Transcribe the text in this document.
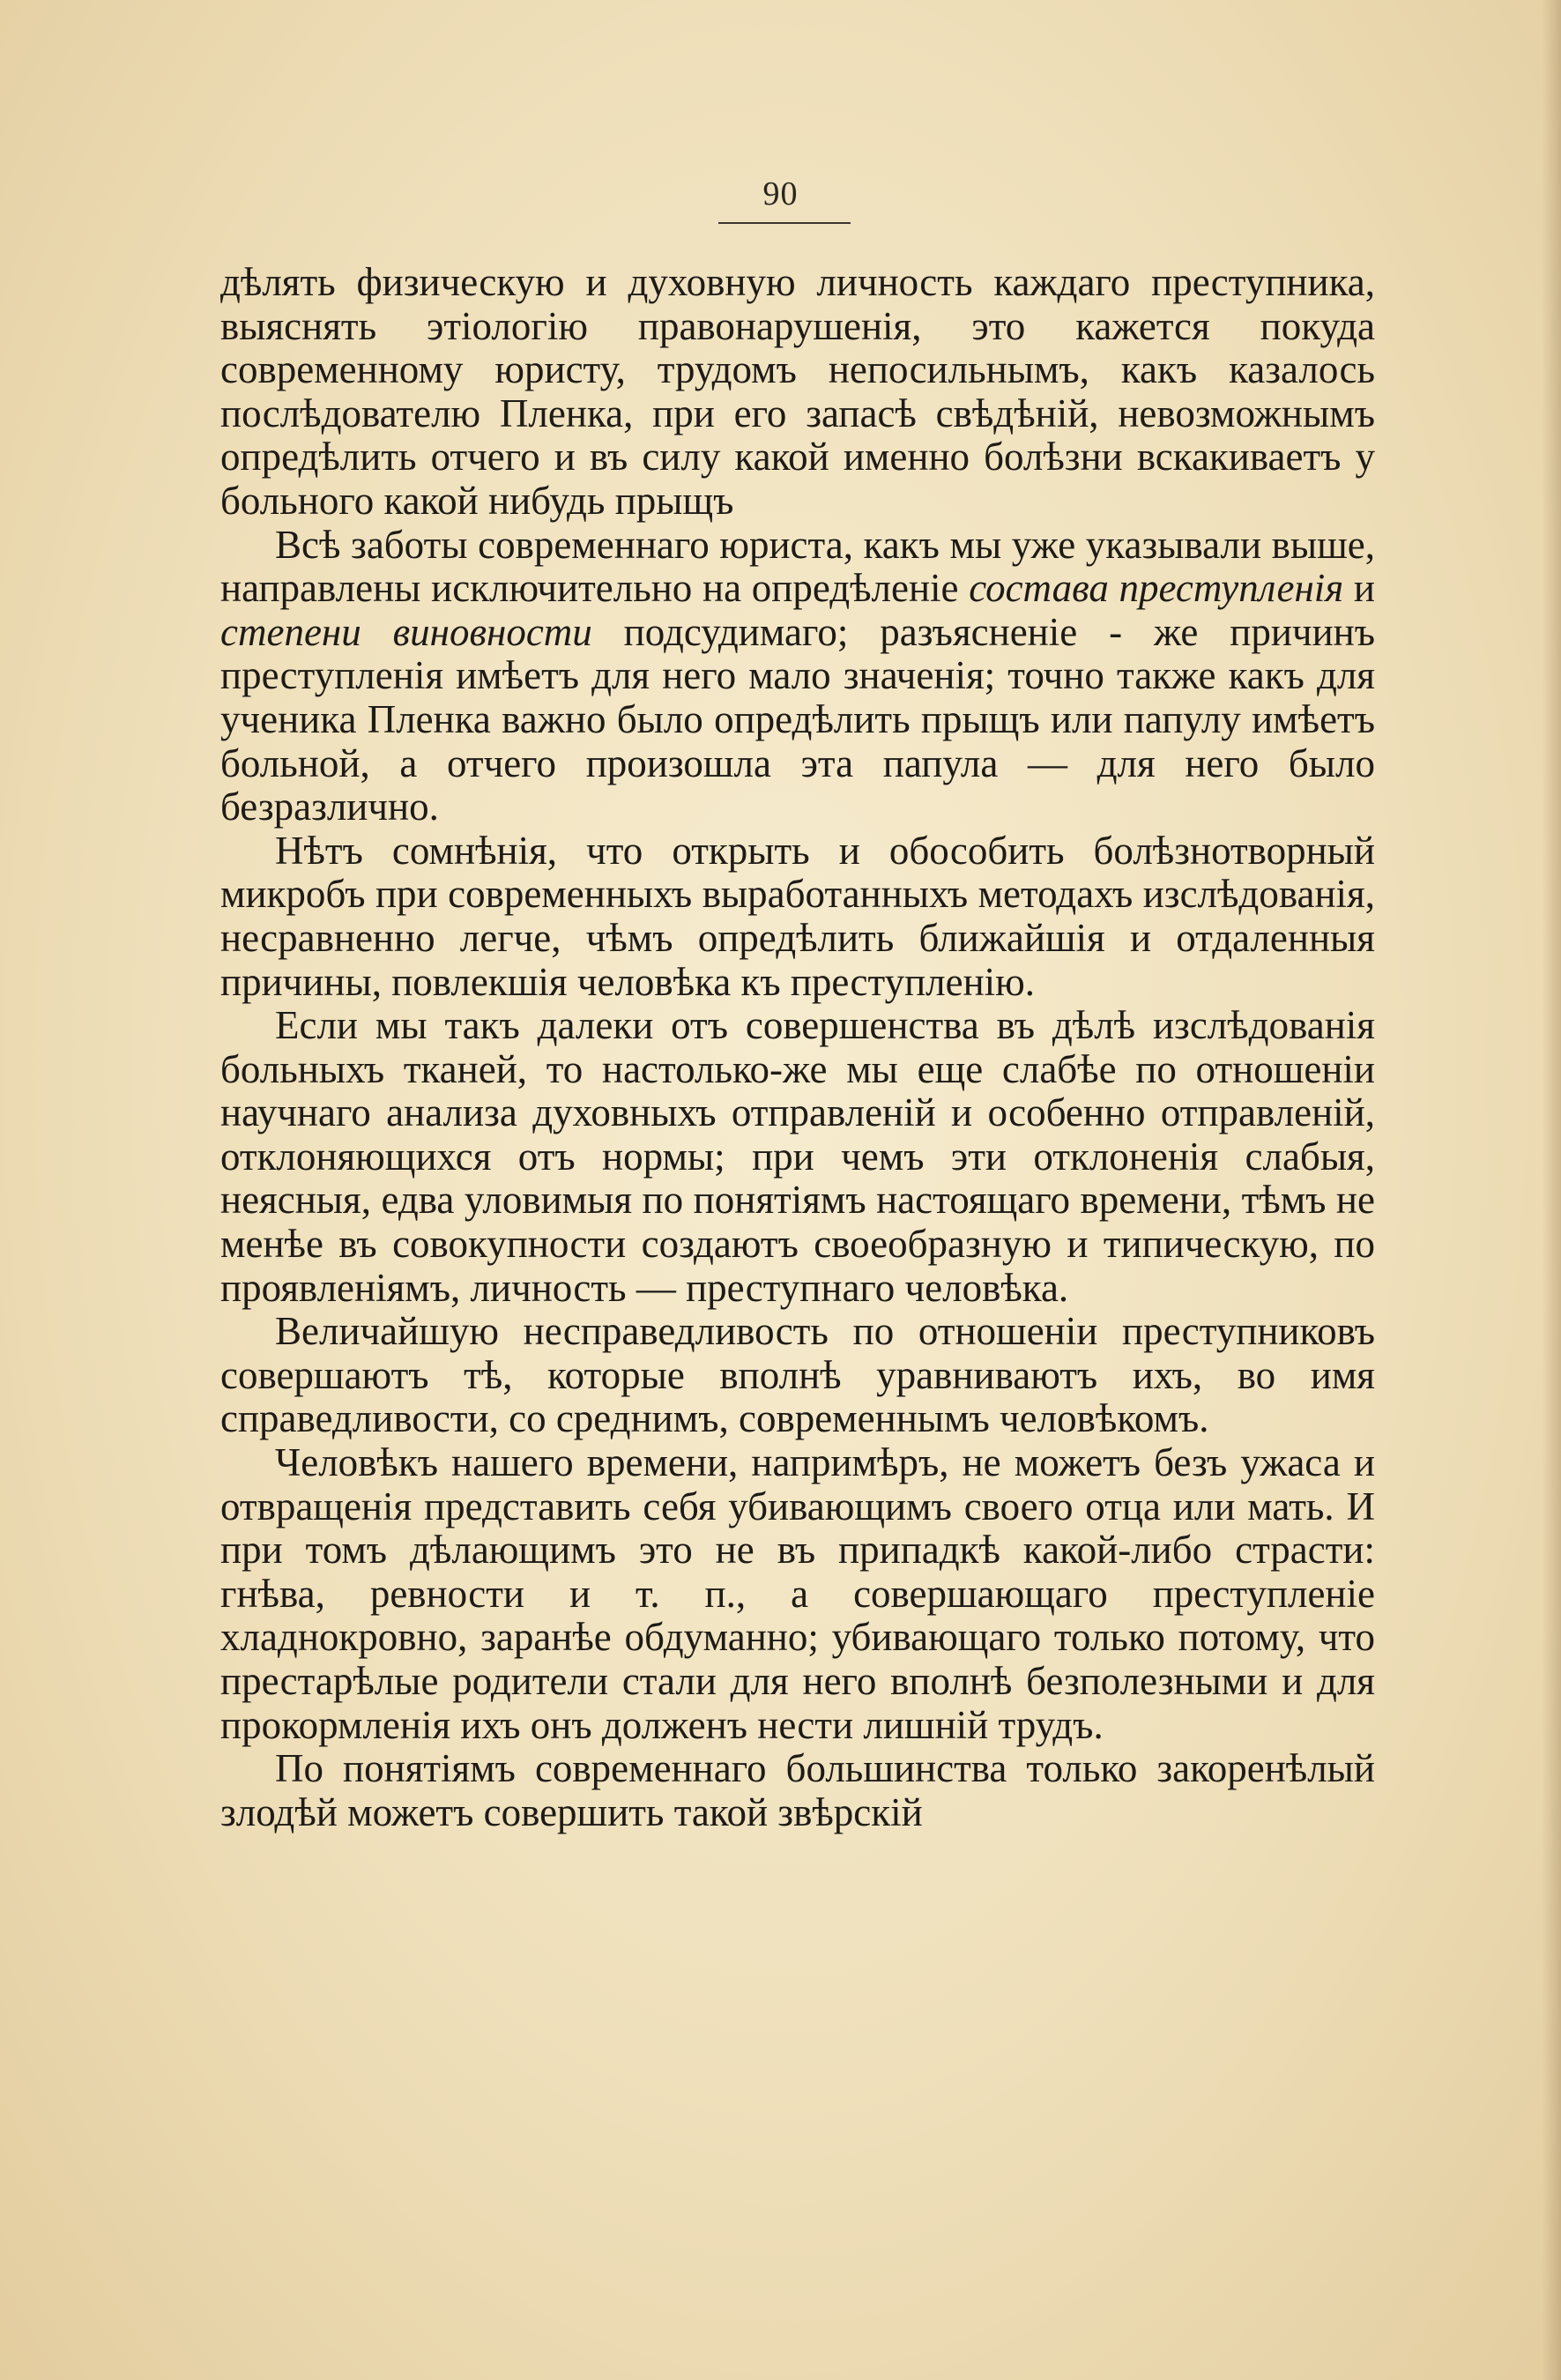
90

дѣлять физическую и духовную личность каждаго преступника, выяснять этіологію правонарушенія, это кажется покуда современному юристу, трудомъ непосильнымъ, какъ казалось послѣдователю Пленка, при его запасѣ свѣдѣній, невозможнымъ опредѣлить отчего и въ силу какой именно болѣзни вскакиваетъ у больного какой нибудь прыщъ

Всѣ заботы современнаго юриста, какъ мы уже указывали выше, направлены исключительно на опредѣленіе состава преступленія и степени виновности подсудимаго; разъясненіе - же причинъ преступленія имѣетъ для него мало значенія; точно также какъ для ученика Пленка важно было опредѣлить прыщъ или папулу имѣетъ больной, а отчего произошла эта папула — для него было безразлично.

Нѣтъ сомнѣнія, что открыть и обособить болѣзнотворный микробъ при современныхъ выработанныхъ методахъ изслѣдованія, несравненно легче, чѣмъ опредѣлить ближайшія и отдаленныя причины, повлекшія человѣка къ преступленію.

Если мы такъ далеки отъ совершенства въ дѣлѣ изслѣдованія больныхъ тканей, то настолько-же мы еще слабѣе по отношеніи научнаго анализа духовныхъ отправленій и особенно отправленій, отклоняющихся отъ нормы; при чемъ эти отклоненія слабыя, неясныя, едва уловимыя по понятіямъ настоящаго времени, тѣмъ не менѣе въ совокупности создаютъ своеобразную и типическую, по проявленіямъ, личность — преступнаго человѣка.

Величайшую несправедливость по отношеніи преступниковъ совершаютъ тѣ, которые вполнѣ уравниваютъ ихъ, во имя справедливости, со среднимъ, современнымъ человѣкомъ.

Человѣкъ нашего времени, напримѣръ, не можетъ безъ ужаса и отвращенія представить себя убивающимъ своего отца или мать. И при томъ дѣлающимъ это не въ припадкѣ какой-либо страсти: гнѣва, ревности и т. п., а совершающаго преступленіе хладнокровно, заранѣе обдуманно; убивающаго только потому, что престарѣлые родители стали для него вполнѣ безполезными и для прокормленія ихъ онъ долженъ нести лишній трудъ.

По понятіямъ современнаго большинства только закоренѣлый злодѣй можетъ совершить такой звѣрскій
